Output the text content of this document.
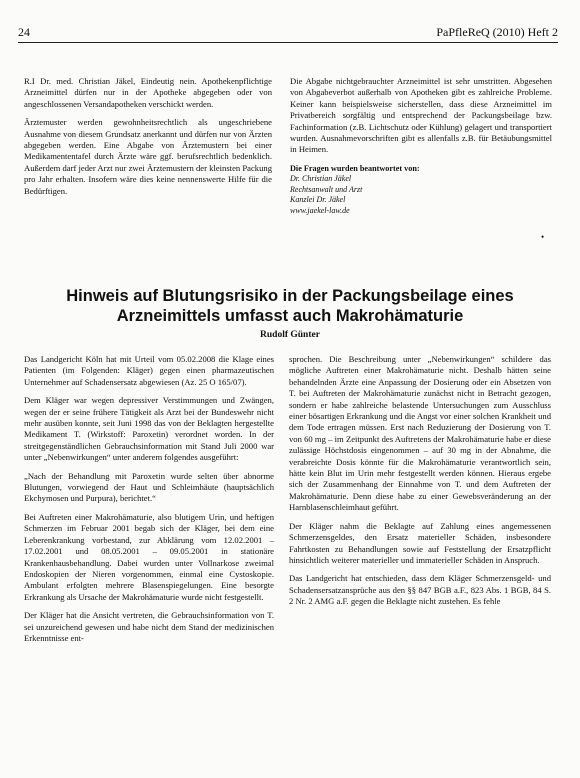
24	PaPfleReQ (2010) Heft 2

R.I Dr. med. Christian Jäkel, Eindeutig nein. Apothekenpflichtige Arzneimittel dürfen nur in der Apotheke abgegeben oder von angeschlossenen Versandapotheken verschickt werden.

Ärztemuster werden gewohnheitsrechtlich als ungeschriebene Ausnahme von diesem Grundsatz anerkannt und dürfen nur von Ärzten abgegeben werden. Eine Abgabe von Ärztemustern bei einer Medikamententafel durch Ärzte wäre ggf. berufsrechtlich bedenklich. Außerdem darf jeder Arzt nur zwei Ärztemustern der kleinsten Packung pro Jahr erhalten. Insofern wäre dies keine nennenswerte Hilfe für die Bedürftigen.

Die Abgabe nichtgebrauchter Arzneimittel ist sehr umstritten. Abgesehen von Abgabeverbot außerhalb von Apotheken gibt es zahlreiche Probleme. Keiner kann beispielsweise sicherstellen, dass diese Arzneimittel im Privatbereich sorgfältig und entsprechend der Packungsbeilage bzw. Fachinformation (z.B. Lichtschutz oder Kühlung) gelagert und transportiert wurden. Ausnahmevorschriften gibt es allenfalls z.B. für Betäubungsmittel in Heimen.

Die Fragen wurden beantwortet von:
Dr. Christian Jäkel
Rechtsanwalt und Arzt
Kanzlei Dr. Jäkel
www.jaekel-law.de
•
Hinweis auf Blutungsrisiko in der Packungsbeilage eines Arzneimittels umfasst auch Makrohämaturie
Rudolf Günter

Das Landgericht Köln hat mit Urteil vom 05.02.2008 die Klage eines Patienten (im Folgenden: Kläger) gegen einen pharmazeutischen Unternehmer auf Schadensersatz abgewiesen (Az. 25 O 165/07).

Dem Kläger war wegen depressiver Verstimmungen und Zwängen, wegen der er seine frühere Tätigkeit als Arzt bei der Bundeswehr nicht mehr ausüben konnte, seit Juni 1998 das von der Beklagten hergestellte Medikament T. (Wirkstoff: Paroxetin) verordnet worden. In der streitgegenständlichen Gebrauchsinformation mit Stand Juli 2000 war unter „Nebenwirkungen“ unter anderem folgendes ausgeführt:

„Nach der Behandlung mit Paroxetin wurde selten über abnorme Blutungen, vorwiegend der Haut und Schleimhäute (hauptsächlich Ekchymosen und Purpura), berichtet.“

Bei Auftreten einer Makrohämaturie, also blutigem Urin, und heftigen Schmerzen im Februar 2001 begab sich der Kläger, bei dem eine Leberenkrankung vorbestand, zur Abklärung vom 12.02.2001 – 17.02.2001 und 08.05.2001 – 09.05.2001 in stationäre Krankenhausbehandlung. Dabei wurden unter Vollnarkose zweimal Endoskopien der Nieren vorgenommen, einmal eine Cystoskopie. Ambulant erfolgten mehrere Blasenspiegelungen. Eine besorgte Erkrankung als Ursache der Makrohämaturie wurde nicht festgestellt.

Der Kläger hat die Ansicht vertreten, die Gebrauchsinformation von T. sei unzureichend gewesen und habe nicht dem Stand der medizinischen Erkenntnisse ent-

sprochen. Die Beschreibung unter „Nebenwirkungen“ schildere das mögliche Auftreten einer Makrohämaturie nicht. Deshalb hätten seine behandelnden Ärzte eine Anpassung der Dosierung oder ein Absetzen von T. bei Auftreten der Makrohämaturie zunächst nicht in Betracht gezogen, sondern er habe zahlreiche belastende Untersuchungen zum Ausschluss einer bösartigen Erkrankung und die Angst vor einer solchen Krankheit und dem Tode ertragen müssen. Erst nach Reduzierung der Dosierung von T. von 60 mg – im Zeitpunkt des Auftretens der Makrohämaturie habe er diese zulässige Höchstdosis eingenommen – auf 30 mg in der Abnahme, die verabreichte Dosis könnte für die Makrohämaturie verantwortlich sein, hätte kein Blut im Urin mehr festgestellt werden können. Hieraus ergebe sich der Zusammenhang der Einnahme von T. und dem Auftreten der Makrohämaturie. Denn diese habe zu einer Gewebsveränderung an der Harnblasenschleimhaut geführt.

Der Kläger nahm die Beklagte auf Zahlung eines angemessenen Schmerzensgeldes, den Ersatz materieller Schäden, insbesondere Fahrtkosten zu Behandlungen sowie auf Feststellung der Ersatzpflicht hinsichtlich weiterer materieller und immaterieller Schäden in Anspruch.

Das Landgericht hat entschieden, dass dem Kläger Schmerzensgeld- und Schadensersatzansprüche aus den §§ 847 BGB a.F., 823 Abs. 1 BGB, 84 S. 2 Nr. 2 AMG a.F. gegen die Beklagte nicht zustehen. Es fehle
